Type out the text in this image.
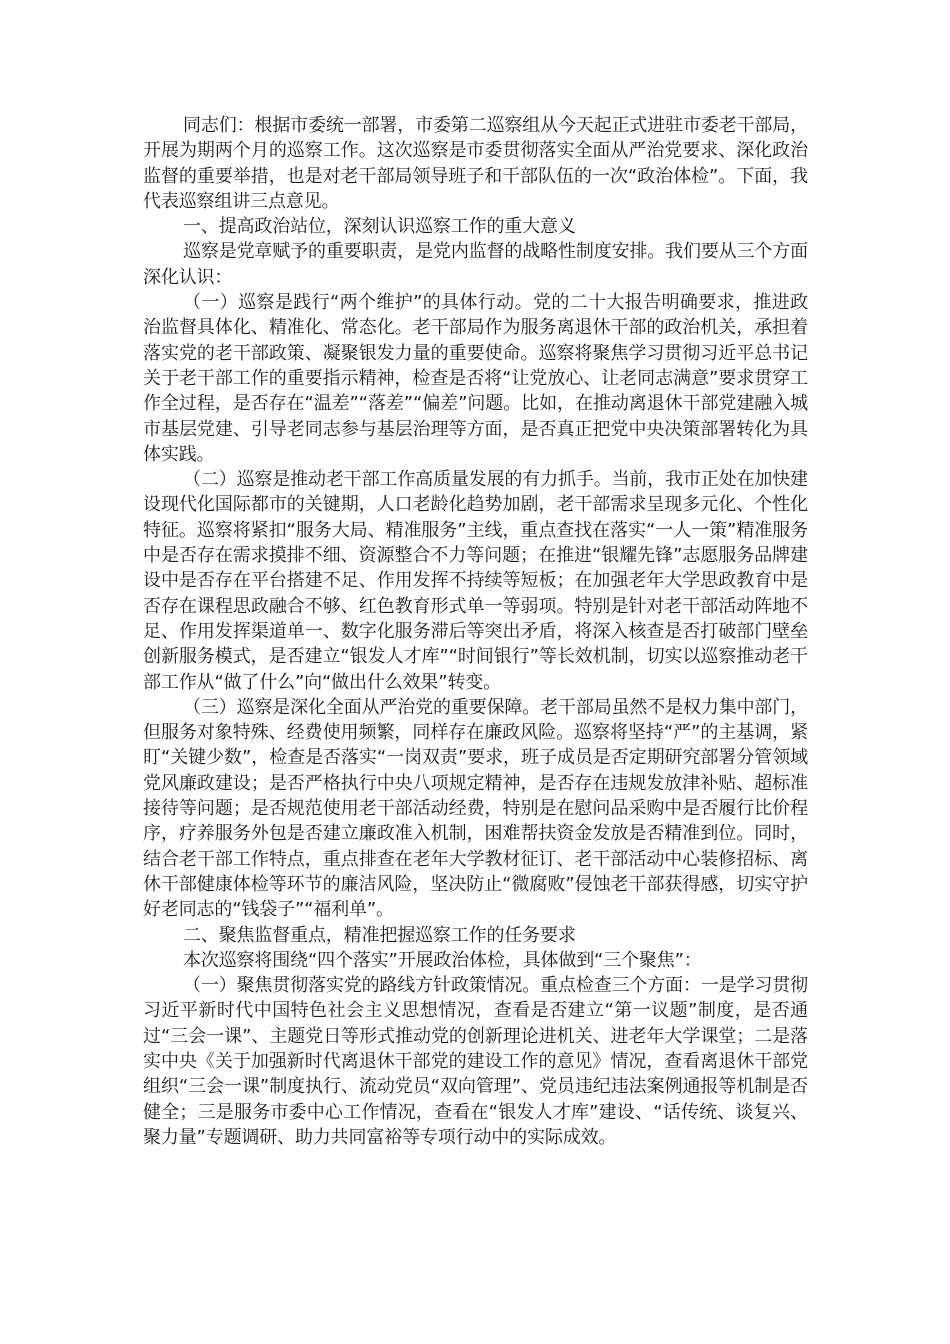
同志们：根据市委统一部署，市委第二巡察组从今天起正式进驻市委老干部局，开展为期两个月的巡察工作。这次巡察是市委贯彻落实全面从严治党要求、深化政治监督的重要举措，也是对老干部局领导班子和干部队伍的一次“政治体检”。下面，我代表巡察组讲三点意见。

一、提高政治站位，深刻认识巡察工作的重大意义

巡察是党章赋予的重要职责，是党内监督的战略性制度安排。我们要从三个方面深化认识：

（一）巡察是践行“两个维护”的具体行动。党的二十大报告明确要求，推进政治监督具体化、精准化、常态化。老干部局作为服务离退休干部的政治机关，承担着落实党的老干部政策、凝聚银发力量的重要使命。巡察将聚焦学习贯彻习近平总书记关于老干部工作的重要指示精神，检查是否将“让党放心、让老同志满意”要求贯穿工作全过程，是否存在“温差”“落差”“偏差”问题。比如，在推动离退休干部党建融入城市基层党建、引导老同志参与基层治理等方面，是否真正把党中央决策部署转化为具体实践。

（二）巡察是推动老干部工作高质量发展的有力抓手。当前，我市正处在加快建设现代化国际都市的关键期，人口老龄化趋势加剧，老干部需求呈现多元化、个性化特征。巡察将紧扣“服务大局、精准服务”主线，重点查找在落实“一人一策”精准服务中是否存在需求摸排不细、资源整合不力等问题；在推进“银耀先锋”志愿服务品牌建设中是否存在平台搭建不足、作用发挥不持续等短板；在加强老年大学思政教育中是否存在课程思政融合不够、红色教育形式单一等弱项。特别是针对老干部活动阵地不足、作用发挥渠道单一、数字化服务滞后等突出矛盾，将深入核查是否打破部门壁垒创新服务模式，是否建立“银发人才库”“时间银行”等长效机制，切实以巡察推动老干部工作从“做了什么”向“做出什么效果”转变。

（三）巡察是深化全面从严治党的重要保障。老干部局虽然不是权力集中部门，但服务对象特殊、经费使用频繁，同样存在廉政风险。巡察将坚持“严”的主基调，紧盯“关键少数”，检查是否落实“一岗双责”要求，班子成员是否定期研究部署分管领域党风廉政建设；是否严格执行中央八项规定精神，是否存在违规发放津补贴、超标准接待等问题；是否规范使用老干部活动经费，特别是在慰问品采购中是否履行比价程序，疗养服务外包是否建立廉政准入机制，困难帮扶资金发放是否精准到位。同时，结合老干部工作特点，重点排查在老年大学教材征订、老干部活动中心装修招标、离休干部健康体检等环节的廉洁风险，坚决防止“微腐败”侵蚀老干部获得感，切实守护好老同志的“钱袋子”“福利单”。

二、聚焦监督重点，精准把握巡察工作的任务要求

本次巡察将围绕“四个落实”开展政治体检，具体做到“三个聚焦”：

（一）聚焦贯彻落实党的路线方针政策情况。重点检查三个方面：一是学习贯彻习近平新时代中国特色社会主义思想情况，查看是否建立“第一议题”制度，是否通过“三会一课”、主题党日等形式推动党的创新理论进机关、进老年大学课堂；二是落实中央《关于加强新时代离退休干部党的建设工作的意见》情况，查看离退休干部党组织“三会一课”制度执行、流动党员“双向管理”、党员违纪违法案例通报等机制是否健全；三是服务市委中心工作情况，查看在“银发人才库”建设、“话传统、谈复兴、聚力量”专题调研、助力共同富裕等专项行动中的实际成效。
